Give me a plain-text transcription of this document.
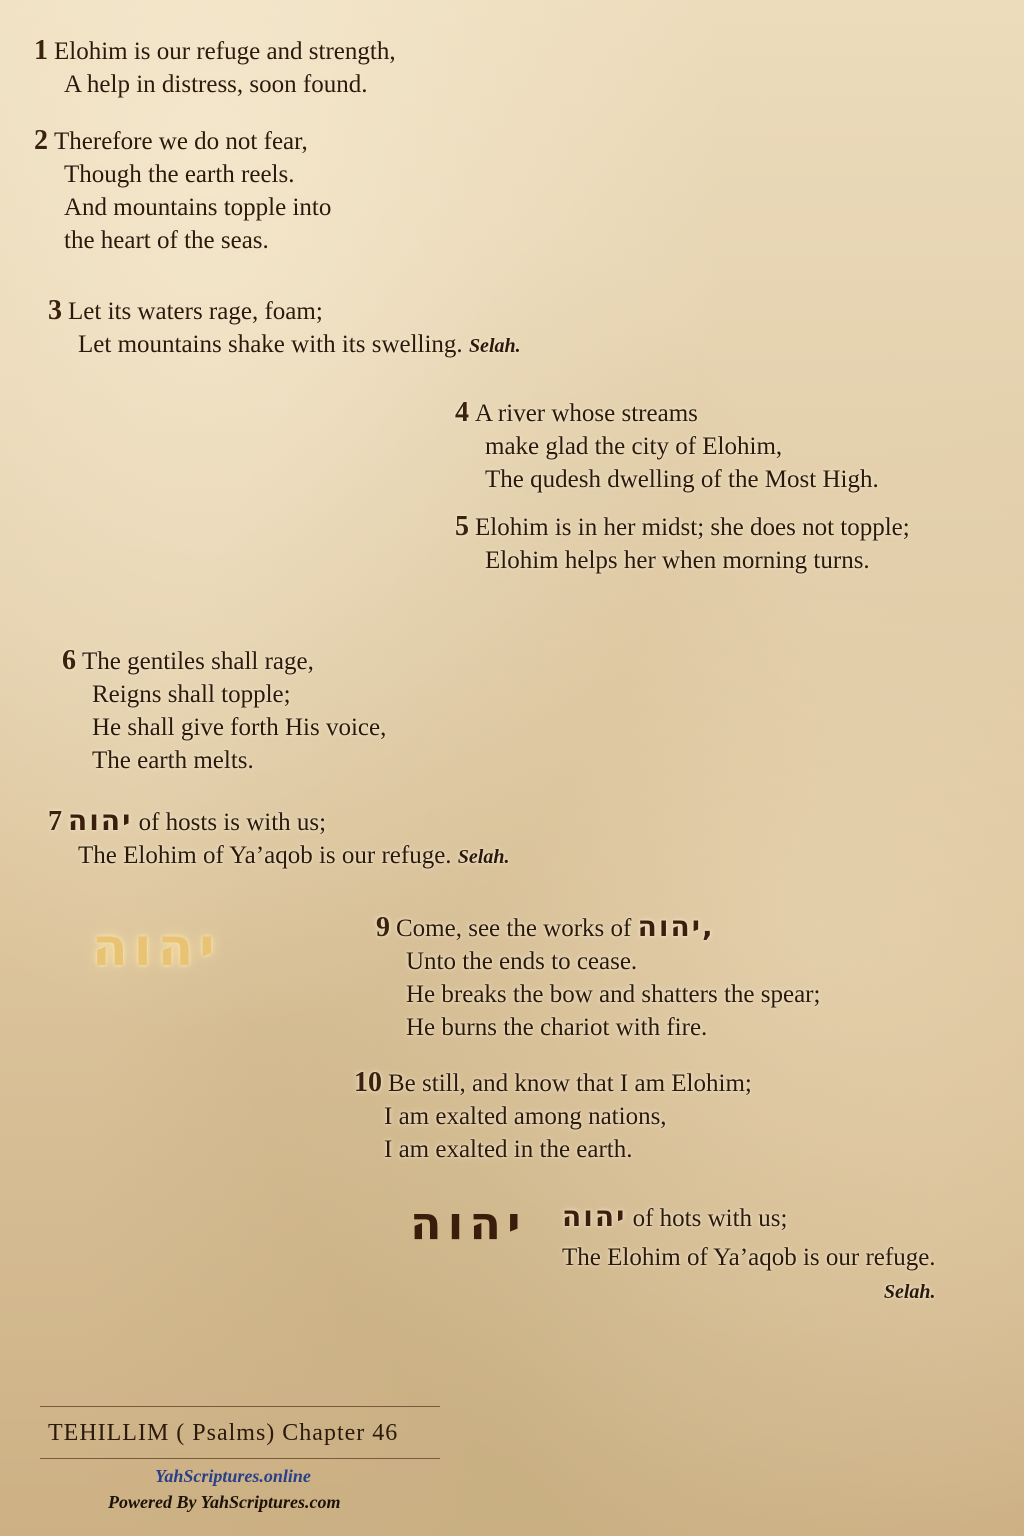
1 Elohim is our refuge and strength,
A help in distress, soon found.
2 Therefore we do not fear,
Though the earth reels.
And mountains topple into
the heart of the seas.
3 Let its waters rage, foam;
Let mountains shake with its swelling. Selah.
4 A river whose streams
make glad the city of Elohim,
The qudesh dwelling of the Most High.
5 Elohim is in her midst; she does not topple;
Elohim helps her when morning turns.
6 The gentiles shall rage,
Reigns shall topple;
He shall give forth His voice,
The earth melts.
7 יהוה of hosts is with us;
The Elohim of Ya’aqob is our refuge. Selah.
יהוה	9 Come, see the works of יהוה,
Unto the ends to cease.
He breaks the bow and shatters the spear;
He burns the chariot with fire.
10 Be still, and know that I am Elohim;
I am exalted among nations,
I am exalted in the earth.
יהוה יהוה of hots with us;
The Elohim of Ya’aqob is our refuge.
Selah.
TEHILLIM ( Psalms) Chapter 46
YahScriptures.online
Powered By YahScriptures.com
